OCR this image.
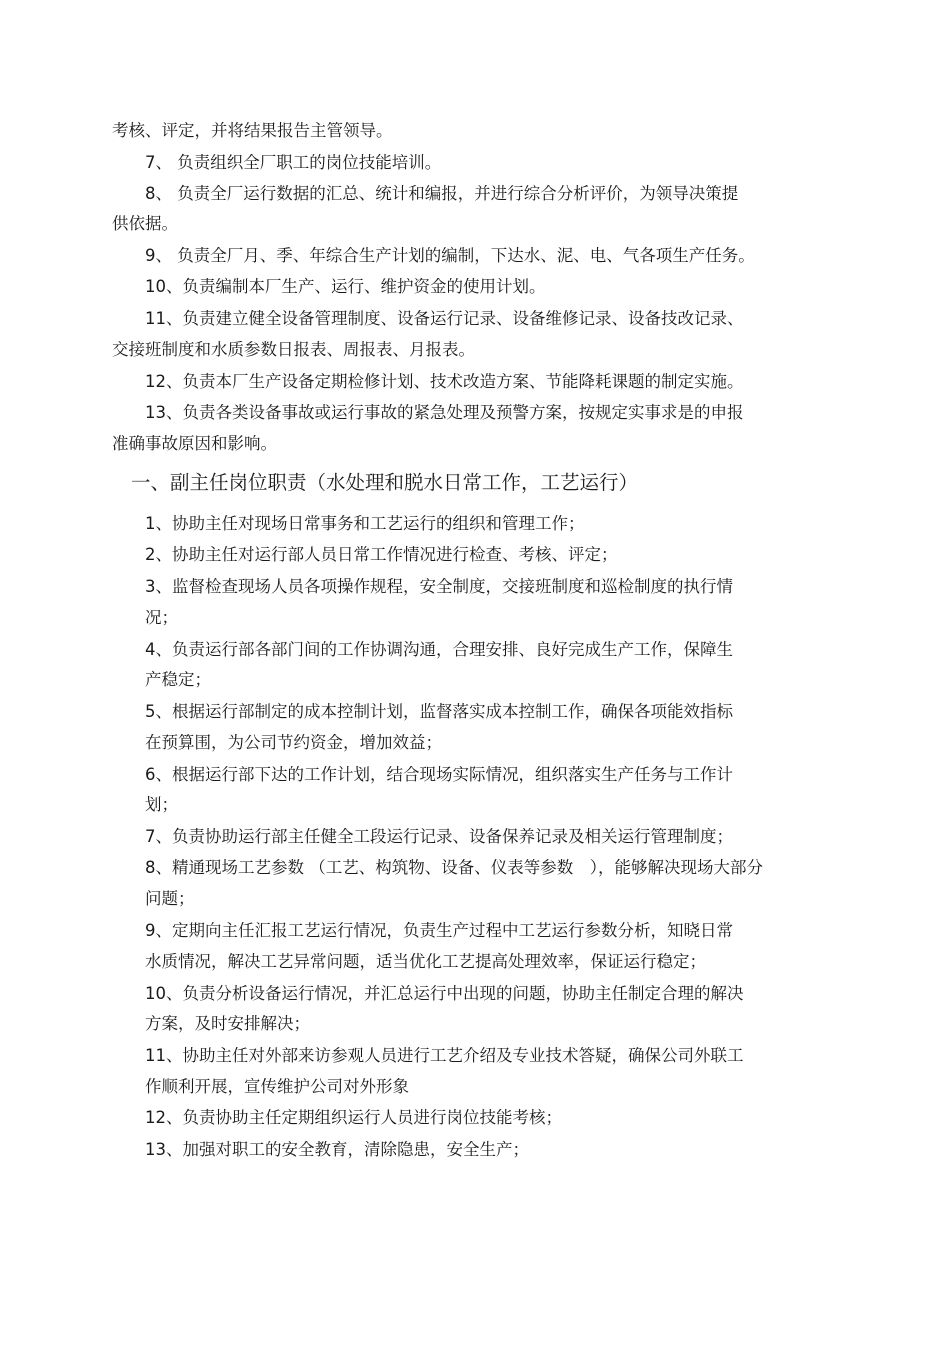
考核、评定，并将结果报告主管领导。
7、 负责组织全厂职工的岗位技能培训。
8、 负责全厂运行数据的汇总、统计和编报，并进行综合分析评价，为领导决策提
供依据。
9、 负责全厂月、季、年综合生产计划的编制，下达水、泥、电、气各项生产任务。
10、负责编制本厂生产、运行、维护资金的使用计划。
11、负责建立健全设备管理制度、设备运行记录、设备维修记录、设备技改记录、
交接班制度和水质参数日报表、周报表、月报表。
12、负责本厂生产设备定期检修计划、技术改造方案、节能降耗课题的制定实施。
13、负责各类设备事故或运行事故的紧急处理及预警方案，按规定实事求是的申报
准确事故原因和影响。
一、副主任岗位职责（水处理和脱水日常工作，工艺运行）
1、协助主任对现场日常事务和工艺运行的组织和管理工作；
2、协助主任对运行部人员日常工作情况进行检查、考核、评定；
3、监督检查现场人员各项操作规程，安全制度，交接班制度和巡检制度的执行情
况；
4、负责运行部各部门间的工作协调沟通，合理安排、良好完成生产工作，保障生
产稳定；
5、根据运行部制定的成本控制计划，监督落实成本控制工作，确保各项能效指标
在预算围，为公司节约资金，增加效益；
6、根据运行部下达的工作计划，结合现场实际情况，组织落实生产任务与工作计
划；
7、负责协助运行部主任健全工段运行记录、设备保养记录及相关运行管理制度；
8、精通现场工艺参数 （工艺、构筑物、设备、仪表等参数　），能够解决现场大部分
问题；
9、定期向主任汇报工艺运行情况，负责生产过程中工艺运行参数分析，知晓日常
水质情况，解决工艺异常问题，适当优化工艺提高处理效率，保证运行稳定；
10、负责分析设备运行情况，并汇总运行中出现的问题，协助主任制定合理的解决
方案，及时安排解决；
11、协助主任对外部来访参观人员进行工艺介绍及专业技术答疑，确保公司外联工
作顺利开展，宣传维护公司对外形象
12、负责协助主任定期组织运行人员进行岗位技能考核；
13、加强对职工的安全教育，清除隐患，安全生产；
